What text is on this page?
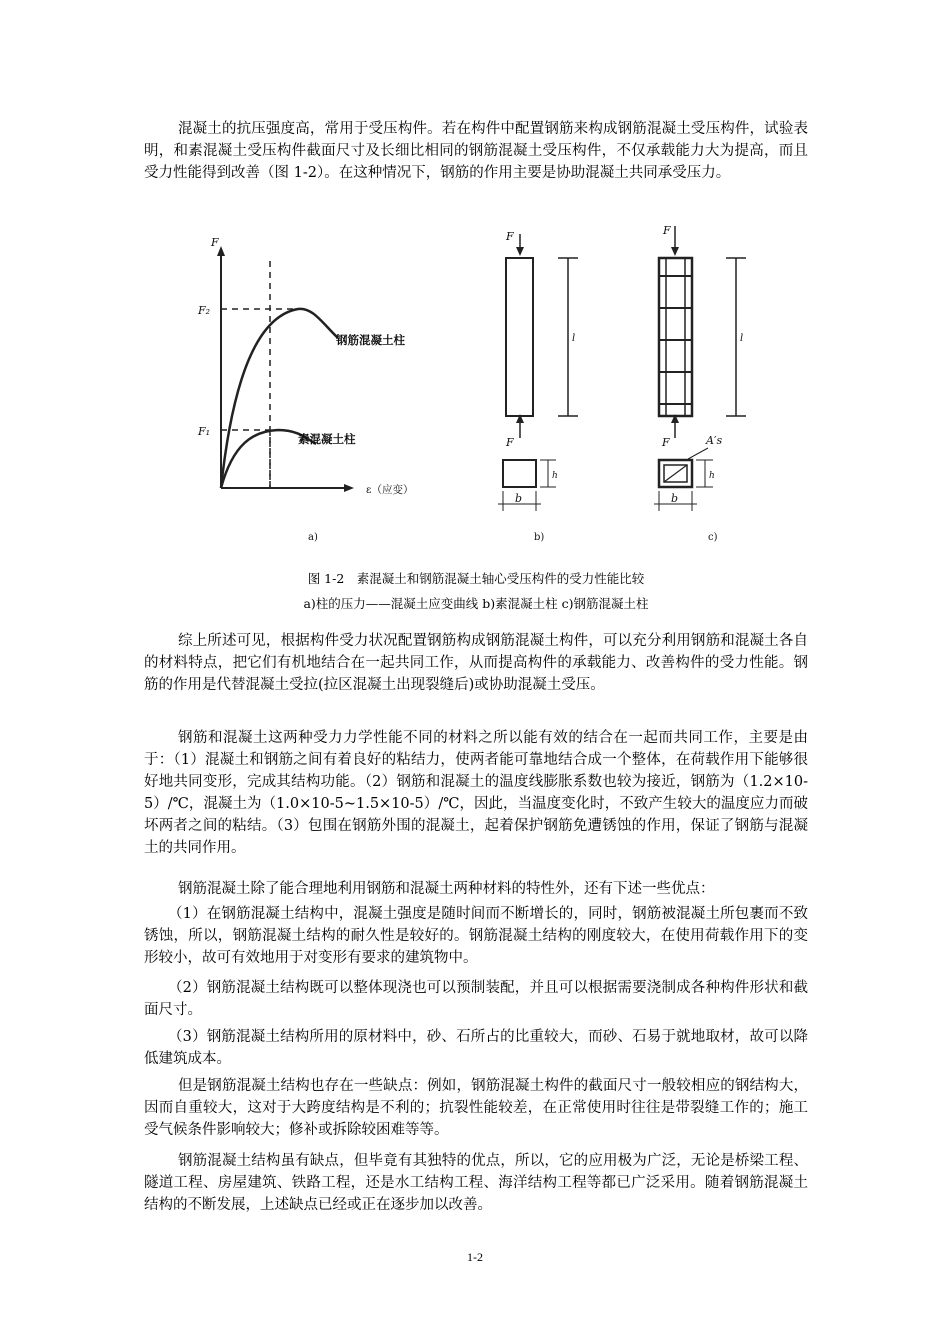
混凝土的抗压强度高，常用于受压构件。若在构件中配置钢筋来构成钢筋混凝土受压构件，试验表明，和素混凝土受压构件截面尺寸及长细比相同的钢筋混凝土受压构件，不仅承载能力大为提高，而且受力性能得到改善（图 1-2）。在这种情况下，钢筋的作用主要是协助混凝土共同承受压力。

F
F₂
F₁
钢筋混凝土柱
素混凝土柱
ε（应变）
F
F
l
h
b
F
F	A′s
l
h
b
a)	b)	c)

图 1-2　素混凝土和钢筋混凝土轴心受压构件的受力性能比较

a)柱的压力——混凝土应变曲线 b)素混凝土柱 c)钢筋混凝土柱

综上所述可见，根据构件受力状况配置钢筋构成钢筋混凝土构件，可以充分利用钢筋和混凝土各自的材料特点，把它们有机地结合在一起共同工作，从而提高构件的承载能力、改善构件的受力性能。钢筋的作用是代替混凝土受拉(拉区混凝土出现裂缝后)或协助混凝土受压。

钢筋和混凝土这两种受力力学性能不同的材料之所以能有效的结合在一起而共同工作，主要是由于：（1）混凝土和钢筋之间有着良好的粘结力，使两者能可靠地结合成一个整体，在荷载作用下能够很好地共同变形，完成其结构功能。（2）钢筋和混凝土的温度线膨胀系数也较为接近，钢筋为（1.2×10-5）/℃，混凝土为（1.0×10-5~1.5×10-5）/℃，因此，当温度变化时，不致产生较大的温度应力而破坏两者之间的粘结。（3）包围在钢筋外围的混凝土，起着保护钢筋免遭锈蚀的作用，保证了钢筋与混凝土的共同作用。

钢筋混凝土除了能合理地利用钢筋和混凝土两种材料的特性外，还有下述一些优点：

（1）在钢筋混凝土结构中，混凝土强度是随时间而不断增长的，同时，钢筋被混凝土所包裹而不致锈蚀，所以，钢筋混凝土结构的耐久性是较好的。钢筋混凝土结构的刚度较大，在使用荷载作用下的变形较小，故可有效地用于对变形有要求的建筑物中。

（2）钢筋混凝土结构既可以整体现浇也可以预制装配，并且可以根据需要浇制成各种构件形状和截面尺寸。

（3）钢筋混凝土结构所用的原材料中，砂、石所占的比重较大，而砂、石易于就地取材，故可以降低建筑成本。

但是钢筋混凝土结构也存在一些缺点：例如，钢筋混凝土构件的截面尺寸一般较相应的钢结构大，因而自重较大，这对于大跨度结构是不利的；抗裂性能较差，在正常使用时往往是带裂缝工作的；施工受气候条件影响较大；修补或拆除较困难等等。

钢筋混凝土结构虽有缺点，但毕竟有其独特的优点，所以，它的应用极为广泛，无论是桥梁工程、隧道工程、房屋建筑、铁路工程，还是水工结构工程、海洋结构工程等都已广泛采用。随着钢筋混凝土结构的不断发展，上述缺点已经或正在逐步加以改善。

1-2
